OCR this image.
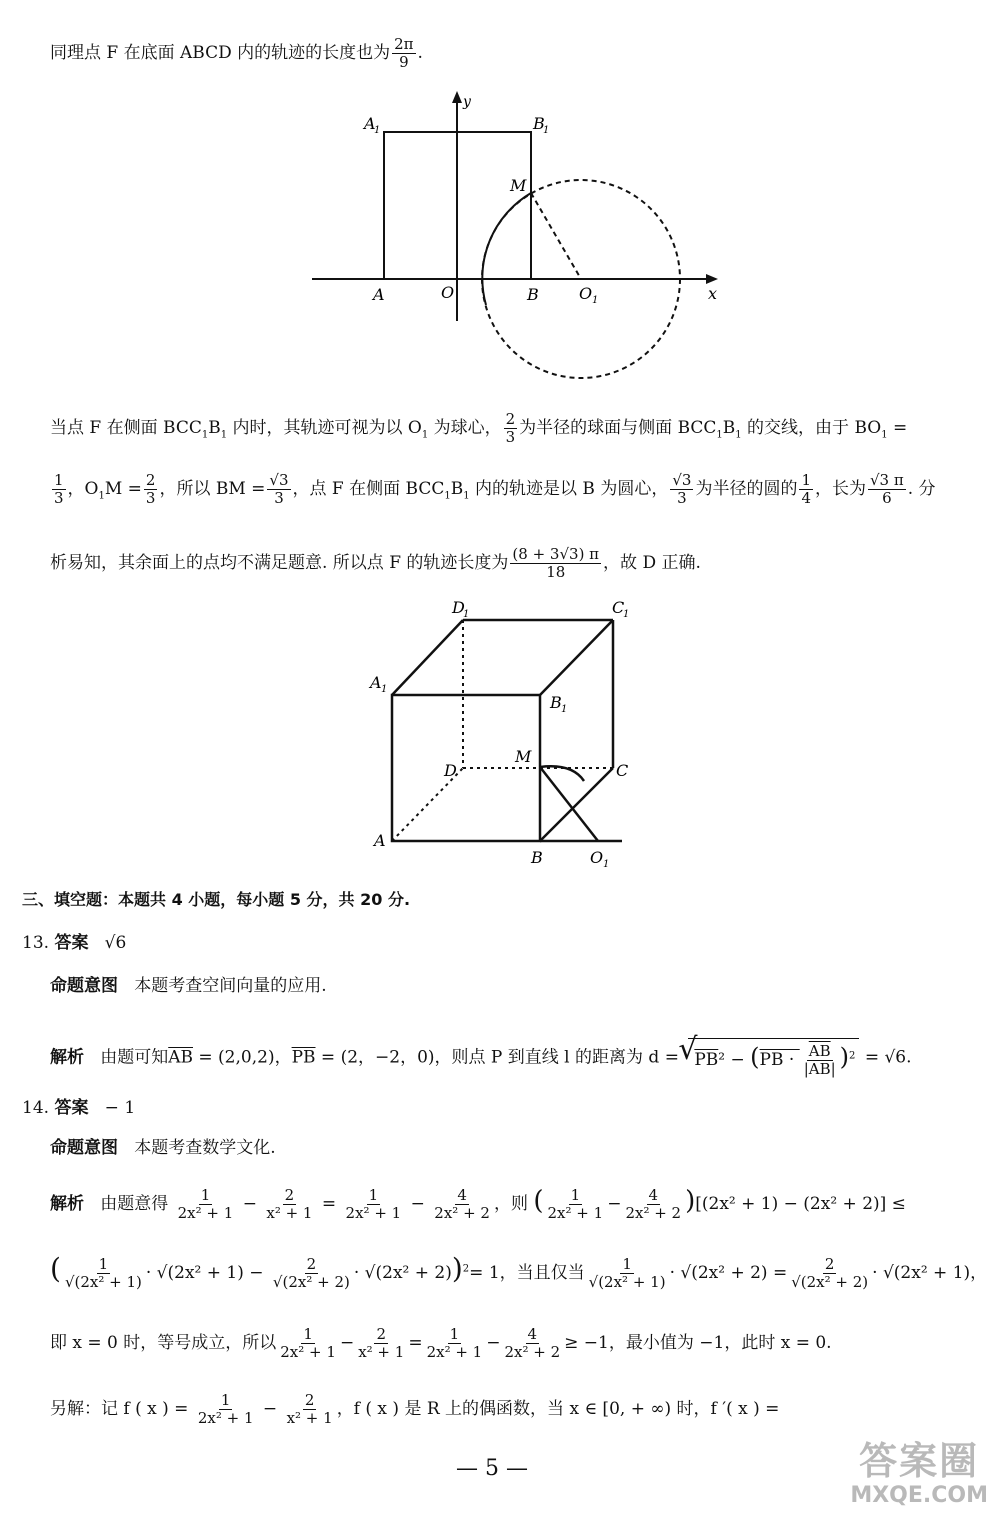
同理点 F 在底面 ABCD 内的轨迹的长度也为 $\frac{2\pi}{9}$ .
A
1	B
1
M
A	O	B	O 1	x
y
当点 F 在侧面 $BCC_1B_1$ 内时，其轨迹可视为以 $O_1$ 为球心， $\frac{2}{3}$ 为半径的球面与侧面 $BCC_1B_1$ 的交线，由于 $BO_1$ =
$\frac{1}{3}$ ，$O_1M = \frac{2}{3}$ ，所以 BM = $\frac{√3}{3}$ ，点 F 在侧面 $BCC_1B_1$ 内的轨迹是以 B 为圆心， $\frac{√3}{3}$ 为半径的圆的 $\frac{1}{4}$ ，长为 $\frac{√3 \pi}{6}$ . 分
析易知，其余面上的点均不满足题意. 所以点 F 的轨迹长度为 $\frac{(8 + 3√3) \pi}{18}$ ，故 D 正确.
D
1	C
1
A 1
B 1
M
D	C
A
B	O 1
三、填空题：本题共 4 小题，每小题 5 分，共 20 分.
13. 答案 √6
命题意图 本题考查空间向量的应用.
解析 由题可知$\overline{AB} = (2,0,2)$，$\overline{PB} = (2$，−2，0)，则点 P 到直线 l 的距离为 d = √
$PB^2 - (PB \cdot \frac{\overline{AB}}{|AB|} )^2 = √6$.
14. 答案 − 1
命题意图 本题考查数学文化.
解析 由题意得 $\frac{1}{\text{2x² + 1}} - \frac{2}{\text{x² + 1}} = \frac{1}{\text{2x² + 1}} - \frac{4}{\text{2x² + 2}}$ ，则 ( $\frac{1}{\text{2x² + 1}} - \frac{4}{\text{2x² + 2}} )[(2x^2 + 1) - (2x^2 + 2)]$ ≤
( $\frac{1}{\text{√(2x² + 1)}} \cdot √(2x^2 + 1) - \frac{2}{\text{√(2x² + 2)}} \cdot √(2x^2 + 2))^2= 1$，当且仅当 $\frac{1}{\text{√(2x² + 1)}} \cdot √(2x^2 + 2) = \frac{2}{\text{√(2x² + 2)}} \cdot √(2x^2 + 1)$，
即 x = 0 时，等号成立，所以 $\frac{1}{\text{2x² + 1}} - \frac{2}{\text{x² + 1}} = \frac{1}{\text{2x² + 1}} - \frac{4}{\text{2x² + 2}} \ge -1$，最小值为 −1，此时 x = 0.
另解：记 f ( x ) = $\frac{1}{\text{2x² + 1}} - \frac{2}{\text{x² + 1}}$ ，f ( x ) 是 R 上的偶函数，当 x ∈ [0, + ∞) 时，f ′( x ) =
— 5 —	答案圈
MXQE.COM
